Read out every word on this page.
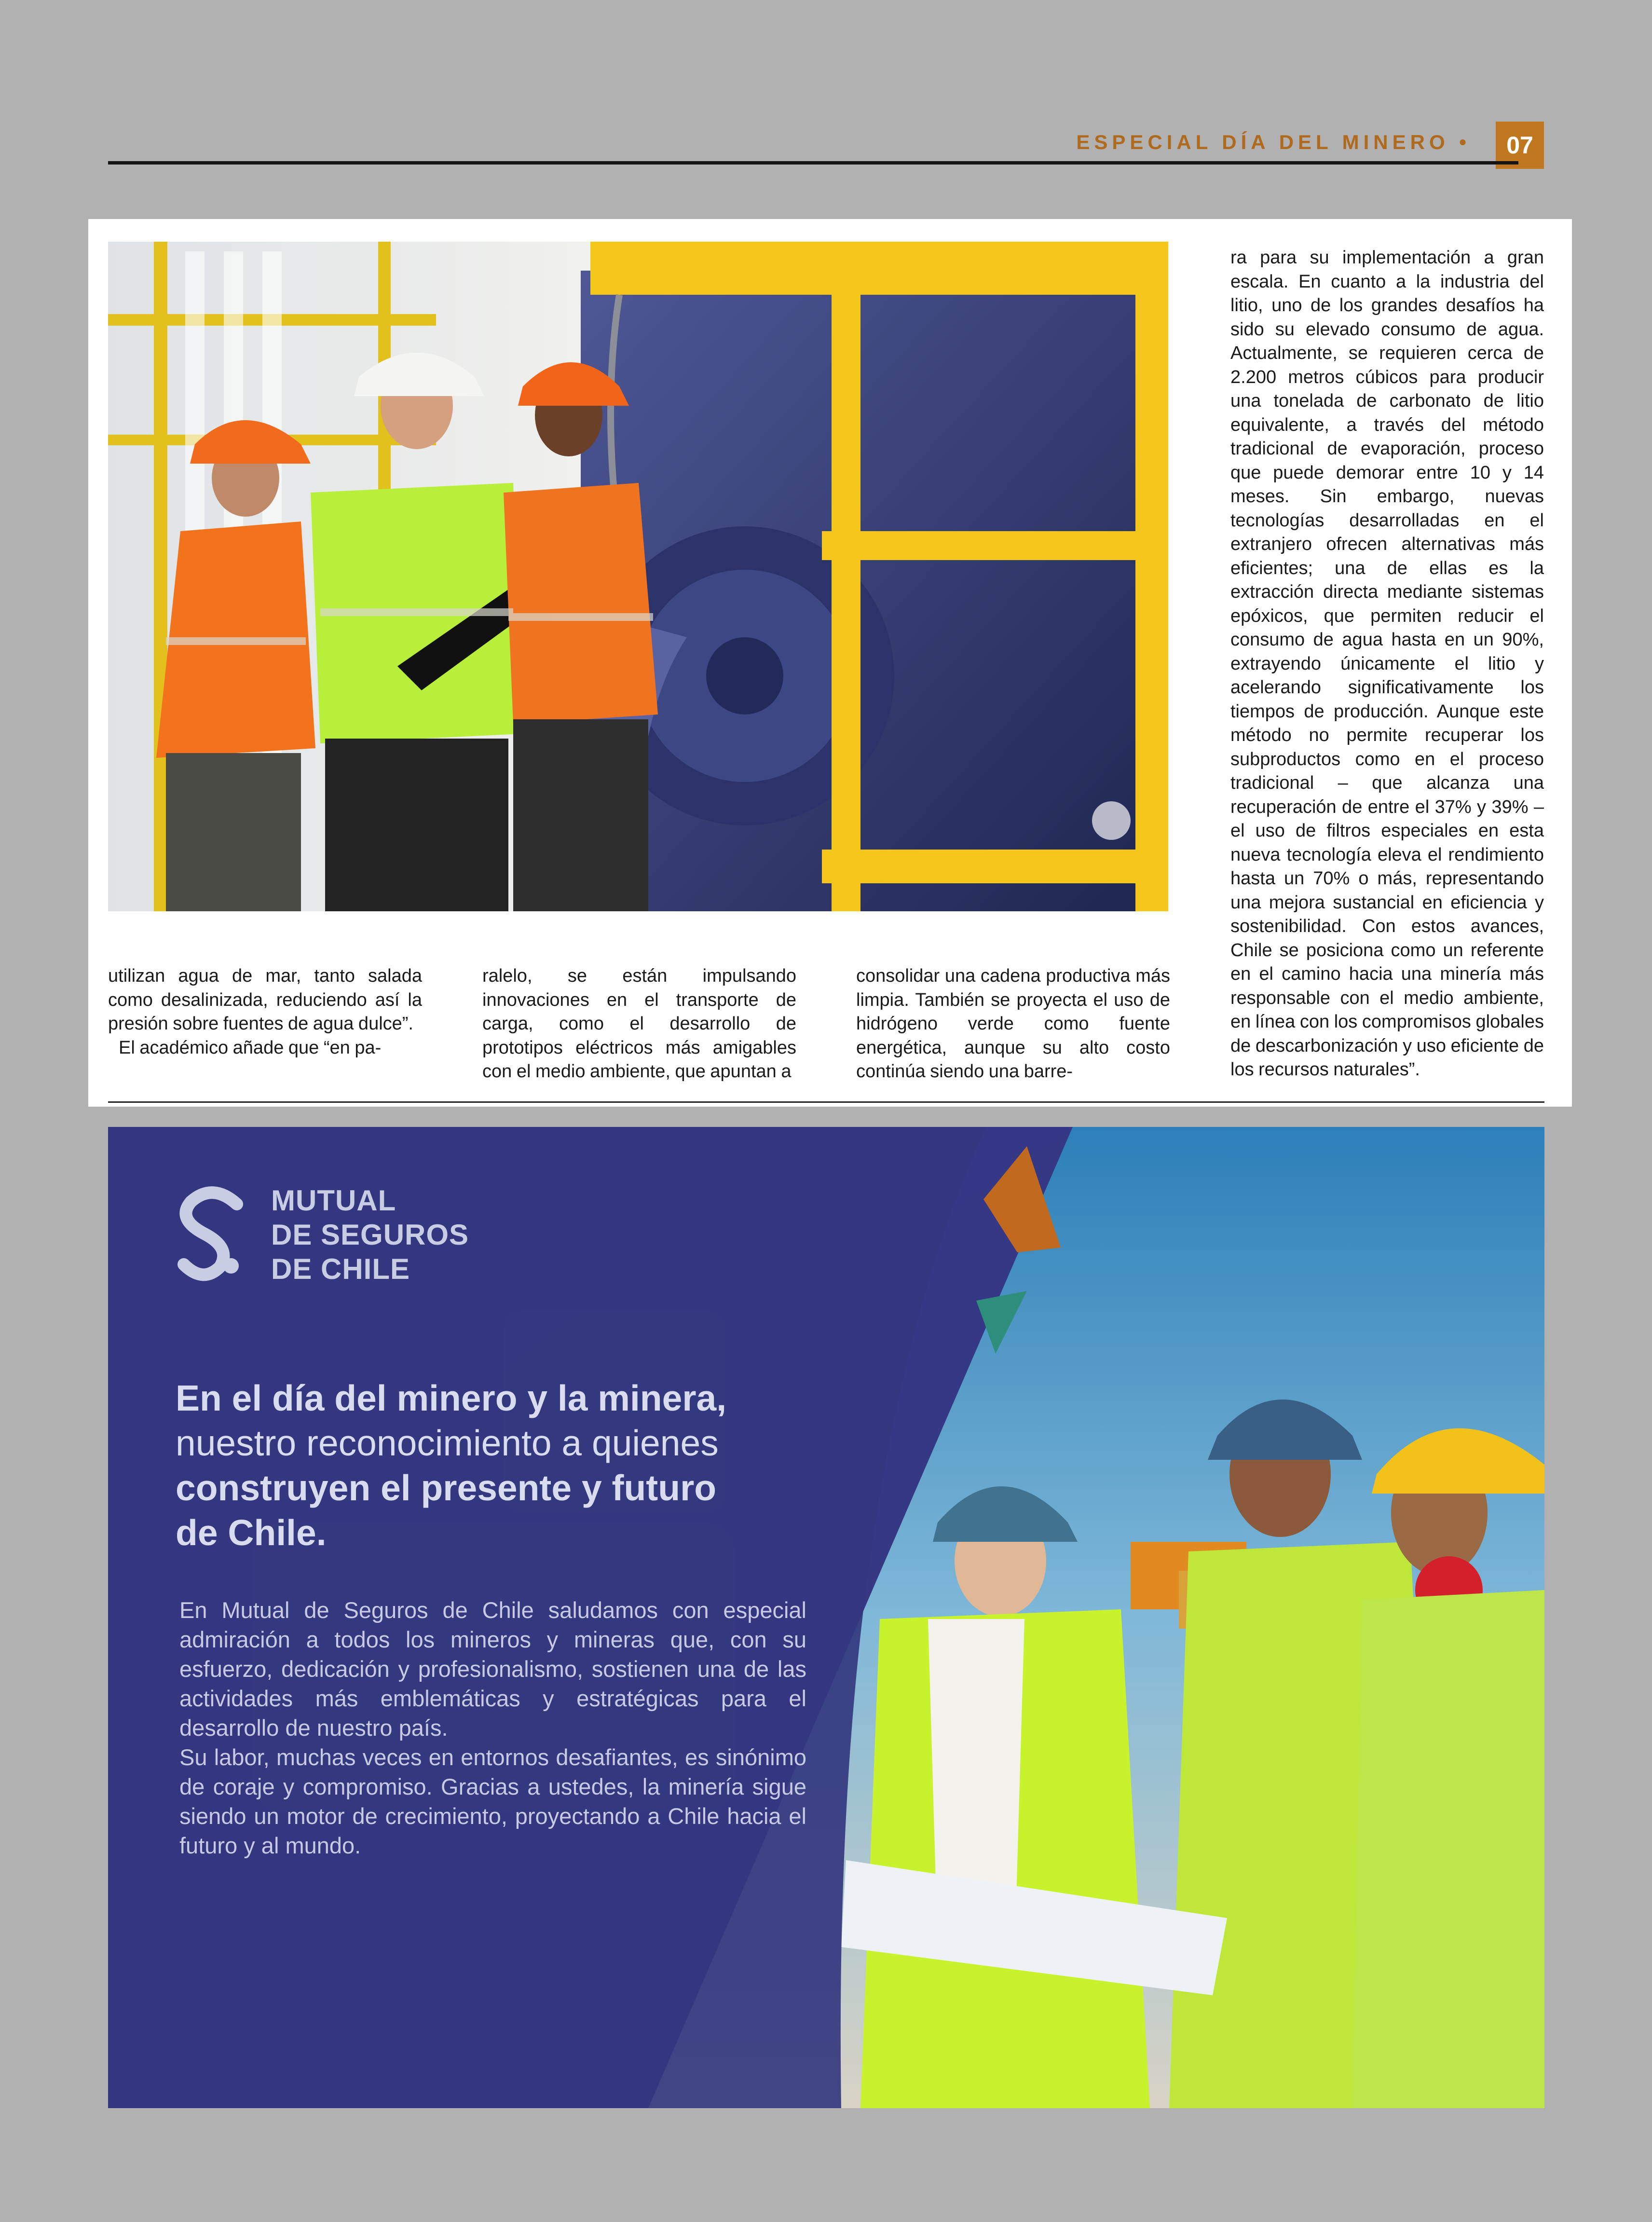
ESPECIAL DÍA DEL MINERO •	07

utilizan agua de mar, tanto salada como desalinizada, reduciendo así la presión sobre fuentes de agua dulce”.

El académico añade que “en pa-

ralelo, se están impulsando innovaciones en el transporte de carga, como el desarrollo de prototipos eléctricos más amigables con el medio ambiente, que apuntan a

consolidar una cadena productiva más limpia. También se proyecta el uso de hidrógeno verde como fuente energética, aunque su alto costo continúa siendo una barre-

ra para su implementación a gran escala. En cuanto a la industria del litio, uno de los grandes desafíos ha sido su elevado consumo de agua. Actualmente, se requieren cerca de 2.200 metros cúbicos para producir una tonelada de carbonato de litio equivalente, a través del método tradicional de evaporación, proceso que puede demorar entre 10 y 14 meses. Sin embargo, nuevas tecnologías desarrolladas en el extranjero ofrecen alternativas más eficientes; una de ellas es la extracción directa mediante sistemas epóxicos, que permiten reducir el consumo de agua hasta en un 90%, extrayendo únicamente el litio y acelerando significativamente los tiempos de producción. Aunque este método no permite recuperar los subproductos como en el proceso tradicional – que alcanza una recuperación de entre el 37% y 39% – el uso de filtros especiales en esta nueva tecnología eleva el rendimiento hasta un 70% o más, representando una mejora sustancial en eficiencia y sostenibilidad. Con estos avances, Chile se posiciona como un referente en el camino hacia una minería más responsable con el medio ambiente, en línea con los compromisos globales de descarbonización y uso eficiente de los recursos naturales”.

MUTUAL
DE SEGUROS
DE CHILE
En el día del minero y la minera,
nuestro reconocimiento a quienes
construyen el presente y futuro
de Chile.

En Mutual de Seguros de Chile saludamos con especial admiración a todos los mineros y mineras que, con su esfuerzo, dedicación y profesionalismo, sostienen una de las actividades más emblemáticas y estratégicas para el desarrollo de nuestro país.

Su labor, muchas veces en entornos desafiantes, es sinónimo de coraje y compromiso. Gracias a ustedes, la minería sigue siendo un motor de crecimiento, proyectando a Chile hacia el futuro y al mundo.
